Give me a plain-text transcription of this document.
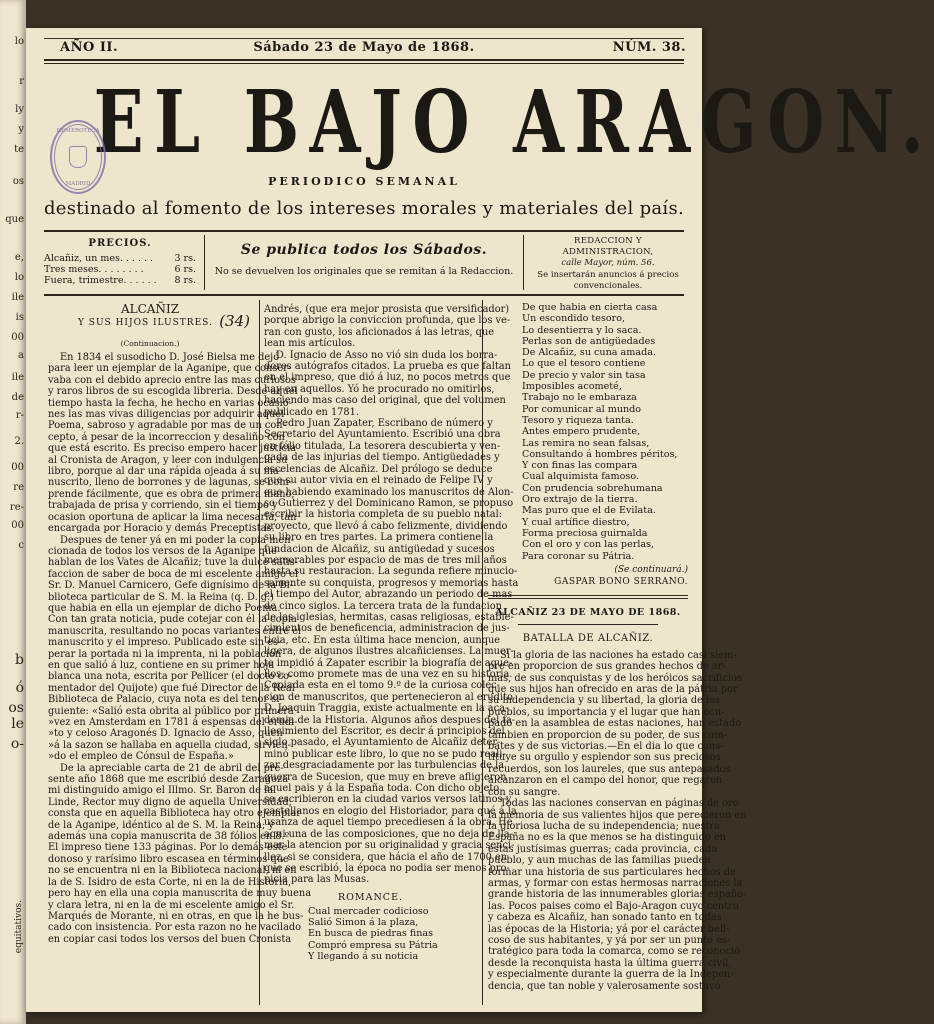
lo
r
ly
y
te
os
que
e,
lo
ile
is
00
a
ile
de
r-
2.
00
re
re-
00
c
b
ó
os
le
o-
equitativos.
AÑO II.	Sábado 23 de Mayo de 1868.	NÚM. 38.
EL BAJO ARAGON.
HEMEROTECA
MADRID	PERIODICO SEMANAL
destinado al fomento de los intereses morales y materiales del país.
PRECIOS.
Alcañiz, un mes. . . . . . 3 rs.
Tres meses. . . . . . . .	6 rs.
Fuera, trimestre. . . . . . 8 rs.
Se publica todos los Sábados.
No se devuelven los originales que se remitan á la Redaccion.
REDACCION Y ADMINISTRACION,
calle Mayor, núm. 56.
Se insertarán anuncios á precios
convencionales.
ALCAÑIZ
Y SUS HIJOS ILUSTRES. (34)
(Continuacion.)
En 1834 el susodicho D. José Bielsa me dejó
para leer un ejemplar de la Aganipe, que conser-
vaba con el debido aprecio entre las mas curiosos
y raros libros de su escogida libreria. Desde aquel
tiempo hasta la fecha, he hecho en varias ocasio-
nes las mas vivas diligencias por adquirir aquel
Poema, sabroso y agradable por mas de un con-
cepto, á pesar de la incorreccion y desaliño con
que está escrito. Es preciso empero hacer justicia
al Cronista de Aragon, y leer con indulgencia su
libro, porque al dar una rápida ojeada á su ma-
nuscrito, lleno de borrones y de lagunas, se com-
prende fácilmente, que es obra de primera mano,
trabajada de prisa y corriendo, sin el tiempo y
ocasion oportuna de aplicar la lima necesaria, tan
encargada por Horacio y demás Preceptistas.
Despues de tener yá en mi poder la copia men-
cionada de todos los versos de la Aganipe que
hablan de los Vates de Alcañiz; tuve la dulce satis-
faccion de saber de boca de mi escelente amigo el
Sr. D. Manuel Carnicero, Gefe dignísimo de la Bi-
blioteca particular de S. M. la Reina (q. D. g.)
que habia en ella un ejemplar de dicho Poema.
Con tan grata noticia, pude cotejar con él la copia
manuscrita, resultando no pocas variantes entre el
manuscrito y el impreso. Publicado este sin es-
perar la portada ni la imprenta, ni la poblacion
en que salió á luz, contiene en su primer hoja
blanca una nota, escrita por Pellicer (el docto co-
mentador del Quijote) que fué Director de la Real
Biblioteca de Palacio, cuya nota es del tenor si-
guiente: «Salió esta obrita al público por primera
»vez en Amsterdam en 1781 á espensas del erudi-
»to y celoso Aragonés D. Ignacio de Asso, quen
»á la sazon se hallaba en aquella ciudad, sirvien-
»do el empleo de Cónsul de España.»
De la apreciable carta de 21 de abril del pre-
sente año 1868 que me escribió desde Zaragoza
mi distinguido amigo el Illmo. Sr. Baron de la
Linde, Rector muy digno de aquella Universidad;
consta que en aquella Biblioteca hay otro ejemplar
de la Aganipe, idéntico al de S. M. la Reina; y
además una copia manuscrita de 38 fólios en 8.º
El impreso tiene 133 páginas. Por lo demás este
donoso y rarísimo libro escasea en términos que
no se encuentra ni en la Biblioteca nacional, ni en
la de S. Isidro de esta Corte, ni en la de Historia,
pero hay en ella una copia manuscrita de muy buena
y clara letra, ni en la de mi escelente amigo el Sr.
Marqués de Morante, ni en otras, en que la he bus-
cado con insistencia. Por esta razon no he vacilado
en copiar casi todos los versos del buen Cronista
Andrés, (que era mejor prosista que versificador)
porque abrigo la conviccion profunda, que los ve-
ran con gusto, los aficionados á las letras, que
lean mis artículos.
D. Ignacio de Asso no vió sin duda los borra-
dores autógrafos citados. La prueba es que faltan
en el impreso, que dió á luz, no pocos metros que
hay en aquellos. Yó he procurado no omitirlos,
haciendo mas caso del original, que del volumen
publicado en 1781.
Pedro Juan Zapater, Escribano de número y
Secretario del Ayuntamiento. Escribió una obra
en fólio titulada, La tesorera descubierta y ven-
gada de las injurias del tiempo. Antigüedades y
escelencias de Alcañiz. Del prólogo se deduce
que su autor vivia en el reinado de Felipe IV y
que habiendo examinado los manuscritos de Alon-
so Gutierrez y del Dominicano Ramon, se propuso
escribir la historia completa de su pueblo natal:
proyecto, que llevó á cabo felizmente, dividiendo
su libro en tres partes. La primera contiene la
fundacion de Alcañiz, su antigüedad y sucesos
memorables por espacio de mas de tres mil años
hasta su restauracion. La segunda refiere minucio-
samente su conquista, progresos y memorias hasta
el tiempo del Autor, abrazando un periodo de mas
de cinco siglos. La tercera trata de la fundacion
de las iglesias, hermitas, casas religiosas, estable-
cimientos de beneficencia, administracion de jus-
ticia, etc. En esta última hace mencion, aunque
ligera, de algunos ilustres alcañicienses. La muer-
te impidió á Zapater escribir la biografía de aque-
llos; como promete mas de una vez en su historia.
Copiada esta en el tomo 9.º de la curiosa colec-
cion de manuscritos, que pertenecieron al erudito
D. Joaquin Traggia, existe actualmente en la aca-
demia de la Historia. Algunos años despues del fa-
llecimiento del Escritor, es decir á principios del
siglo pasado, el Ayuntamiento de Alcañiz deter-
minó publicar este libro, lo que no se pudo reali-
zar desgraciadamente por las turbulencias de la
guerra de Sucesion, que muy en breve afligieron
aquel pais y á la España toda. Con dicho objeto
se escribieron en la ciudad varios versos latinos y
castellanos en elogio del Historiador, para qué á la
usanza de aquel tiempo precediesen á la obra. Hé
aqui una de las composiciones, que no deja de lla-
mar la atencion por su originalidad y gracia senci-
llez, si se considera, que hácia el año de 1700 en
que se escribió, la época no podia ser menos pro-
picia para las Musas.
ROMANCE.
Cual mercader codicioso
Salió Simon á la plaza,
En busca de piedras finas
Compró empresa su Pátria
Y llegando á su noticia
De que habia en cierta casa
Un escondido tesoro,
Lo desentierra y lo saca.
Perlas son de antigüedades
De Alcañiz, su cuna amada.
Lo que el tesoro contiene
De precio y valor sin tasa
Imposibles acometé,
Trabajo no le embaraza
Por comunicar al mundo
Tesoro y riqueza tanta.
Antes empero prudente,
Las remira no sean falsas,
Consultando á hombres péritos,
Y con finas las compara
Cual alquimista famoso.
Con prudencia sobrehumana
Oro extrajo de la tierra.
Mas puro que el de Evilata.
Y cual artífice diestro,
Forma preciosa guirnalda
Con el oro y con las perlas,
Para coronar su Pátria.
(Se continuará.)
GASPAR BONO SERRANO.
ALCAÑIZ 23 DE MAYO DE 1868.
BATALLA DE ALCAÑIZ.
Si la gloria de las naciones ha estado casi siem-
pre en proporcion de sus grandes hechos de ar-
mas, de sus conquistas y de los heróicos sacrificios
que sus hijos han ofrecido en aras de la pátria por
su independencia y su libertad, la gloria de los
pueblos, su importancia y el lugar que han ocu-
pado en la asamblea de estas naciones, han estado
tambien en proporcion de su poder, de sus com-
bates y de sus victorias.—En el dia lo que cons-
tituye su orgullo y esplendor son sus preciosos
recuerdos, son los laureles, que sus antepasados
alcanzaron en el campo del honor, que regaron
con su sangre.
Todas las naciones conservan en páginas de oro
la memoria de sus valientes hijos que perecieron en
la gloriosa lucha de su independencia; nuestra
España no es la que menos se ha distinguido en
estas justísimas guerras; cada provincia, cada
pueblo, y aun muchas de las familias pueden
formar una historia de sus particulares hechos de
armas, y formar con estas hermosas narraciones la
grande historia de las innumerables glorias españo-
las. Pocos paises como el Bajo-Aragon cuyo centro
y cabeza es Alcañiz, han sonado tanto en todas
las épocas de la Historia; yá por el carácter beli-
coso de sus habitantes, y yá por ser un punto es-
tratégico para toda la comarca, como se reconoció
desde la reconquista hasta la última guerra civil,
y especialmente durante la guerra de la Indepen-
dencia, que tan noble y valerosamente sostuvo
